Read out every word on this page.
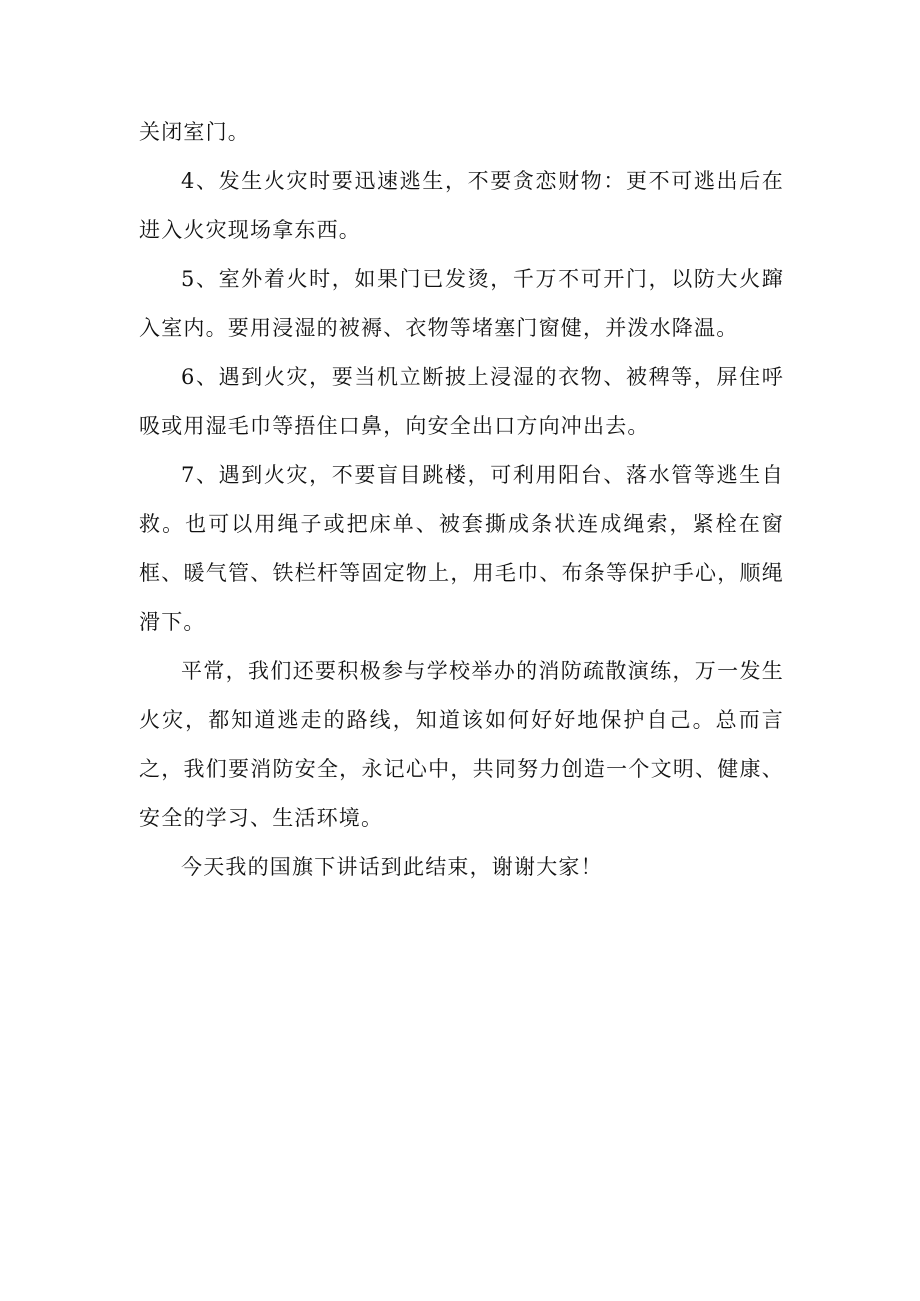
关闭室门。

4、发生火灾时要迅速逃生，不要贪恋财物：更不可逃出后在进入火灾现场拿东西。

5、室外着火时，如果门已发烫，千万不可开门，以防大火蹿入室内。要用浸湿的被褥、衣物等堵塞门窗健，并泼水降温。

6、遇到火灾，要当机立断披上浸湿的衣物、被稗等，屏住呼吸或用湿毛巾等捂住口鼻，向安全出口方向冲出去。

7、遇到火灾，不要盲目跳楼，可利用阳台、落水管等逃生自救。也可以用绳子或把床单、被套撕成条状连成绳索，紧栓在窗框、暖气管、铁栏杆等固定物上，用毛巾、布条等保护手心，顺绳滑下。

平常，我们还要积极参与学校举办的消防疏散演练，万一发生火灾，都知道逃走的路线，知道该如何好好地保护自己。总而言之，我们要消防安全，永记心中，共同努力创造一个文明、健康、安全的学习、生活环境。

今天我的国旗下讲话到此结束，谢谢大家！
